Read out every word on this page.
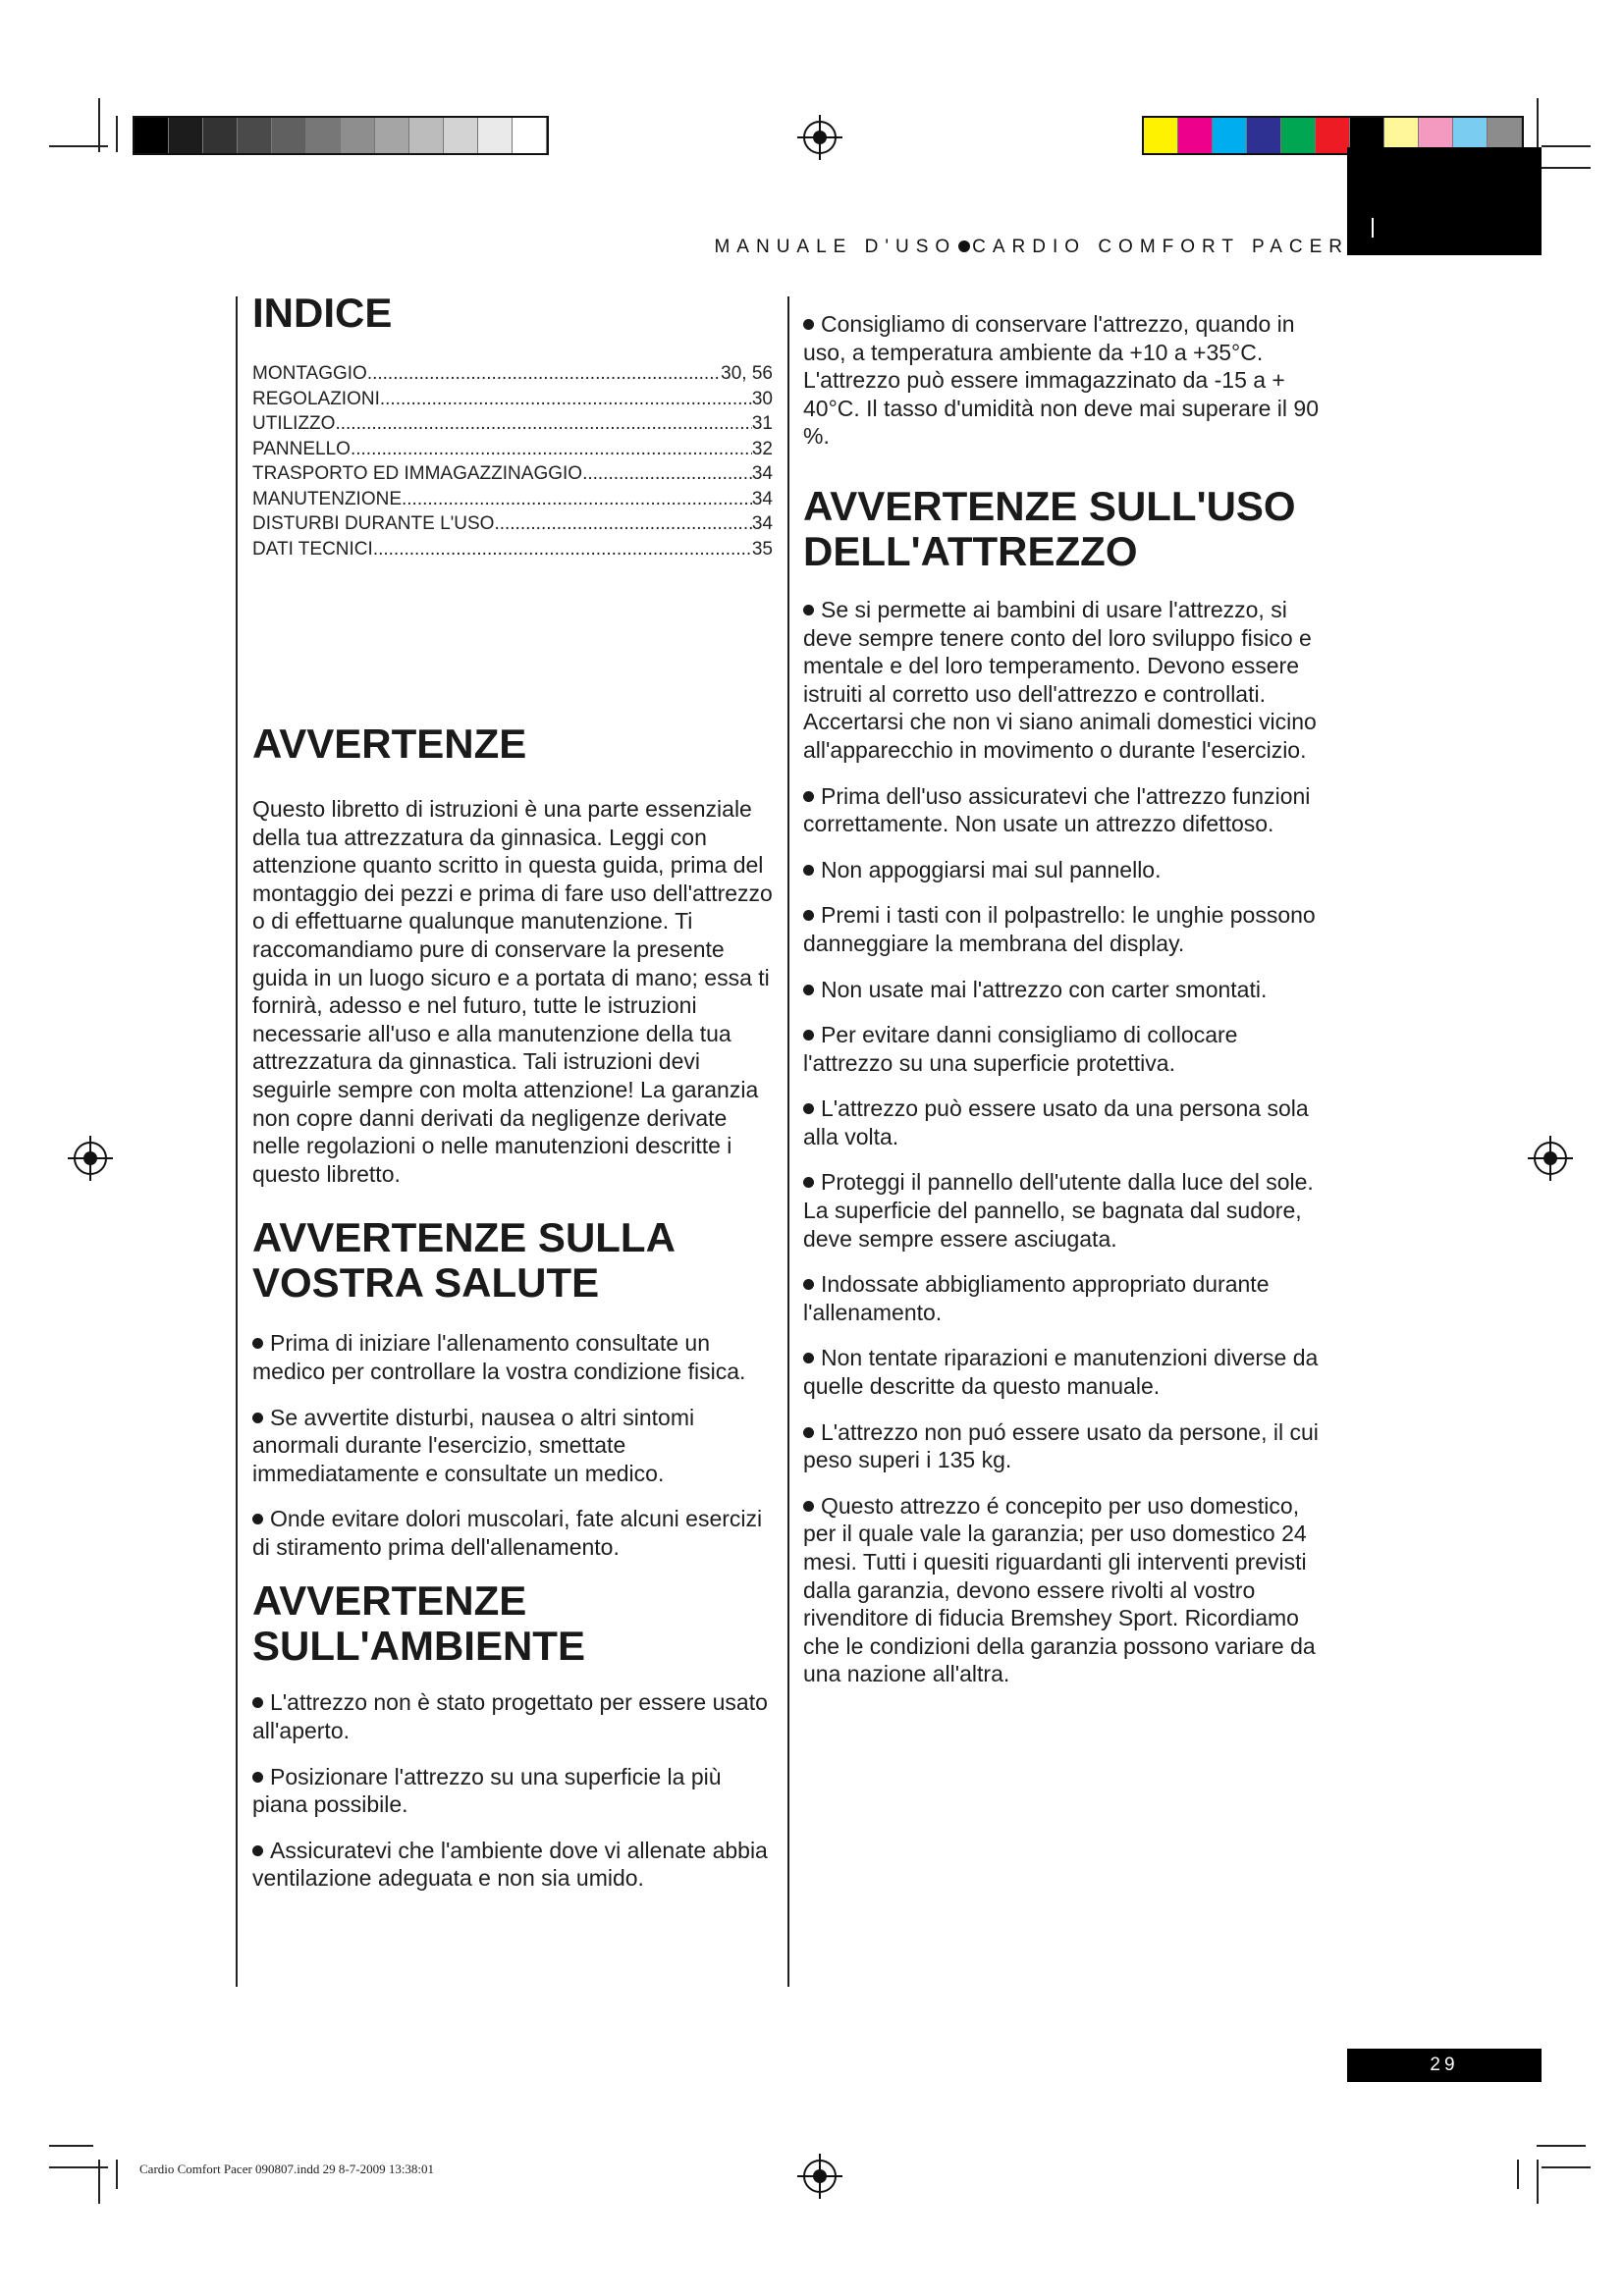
MANUALE D'USO CARDIO COMFORT PACER
INDICE
MONTAGGIO .....	30, 56
REGOLAZIONI .....	30
UTILIZZO .....	31
PANNELLO .....	32
TRASPORTO ED IMMAGAZZINAGGIO .....	34
MANUTENZIONE .....	34
DISTURBI DURANTE L'USO .....	34
DATI TECNICI .....	35
AVVERTENZE

Questo libretto di istruzioni è una parte essenziale della tua attrezzatura da ginnasica. Leggi con attenzione quanto scritto in questa guida, prima del montaggio dei pezzi e prima di fare uso dell'attrezzo o di effettuarne qualunque manutenzione. Ti raccomandiamo pure di conservare la presente guida in un luogo sicuro e a portata di mano; essa ti fornirà, adesso e nel futuro, tutte le istruzioni necessarie all'uso e alla manutenzione della tua attrezzatura da ginnastica. Tali istruzioni devi seguirle sempre con molta attenzione! La garanzia non copre danni derivati da negligenze derivate nelle regolazioni o nelle manutenzioni descritte i questo libretto.

AVVERTENZE SULLA VOSTRA SALUTE

Prima di iniziare l'allenamento consultate un medico per controllare la vostra condizione fisica.

Se avvertite disturbi, nausea o altri sintomi anormali durante l'esercizio, smettate immediatamente e consultate un medico.

Onde evitare dolori muscolari, fate alcuni esercizi di stiramento prima dell'allenamento.

AVVERTENZE SULL'AMBIENTE

L'attrezzo non è stato progettato per essere usato all'aperto.

Posizionare l'attrezzo su una superficie la più piana possibile.

Assicuratevi che l'ambiente dove vi allenate abbia ventilazione adeguata e non sia umido.

Consigliamo di conservare l'attrezzo, quando in uso, a temperatura ambiente da +10 a +35°C. L'attrezzo può essere immagazzinato da -15 a + 40°C. Il tasso d'umidità non deve mai superare il 90 %.

AVVERTENZE SULL'USO DELL'ATTREZZO

Se si permette ai bambini di usare l'attrezzo, si deve sempre tenere conto del loro sviluppo fisico e mentale e del loro temperamento. Devono essere istruiti al corretto uso dell'attrezzo e controllati. Accertarsi che non vi siano animali domestici vicino all'apparecchio in movimento o durante l'esercizio.

Prima dell'uso assicuratevi che l'attrezzo funzioni correttamente. Non usate un attrezzo difettoso.

Non appoggiarsi mai sul pannello.

Premi i tasti con il polpastrello: le unghie possono danneggiare la membrana del display.

Non usate mai l'attrezzo con carter smontati.

Per evitare danni consigliamo di collocare l'attrezzo su una superficie protettiva.

L'attrezzo può essere usato da una persona sola alla volta.

Proteggi il pannello dell'utente dalla luce del sole. La superficie del pannello, se bagnata dal sudore, deve sempre essere asciugata.

Indossate abbigliamento appropriato durante l'allenamento.

Non tentate riparazioni e manutenzioni diverse da quelle descritte da questo manuale.

L'attrezzo non puó essere usato da persone, il cui peso superi i 135 kg.

Questo attrezzo é concepito per uso domestico, per il quale vale la garanzia; per uso domestico 24 mesi. Tutti i quesiti riguardanti gli interventi previsti dalla garanzia, devono essere rivolti al vostro rivenditore di fiducia Bremshey Sport. Ricordiamo che le condizioni della garanzia possono variare da una nazione all'altra.

29
Cardio Comfort Pacer 090807.indd 29 8-7-2009 13:38:01
